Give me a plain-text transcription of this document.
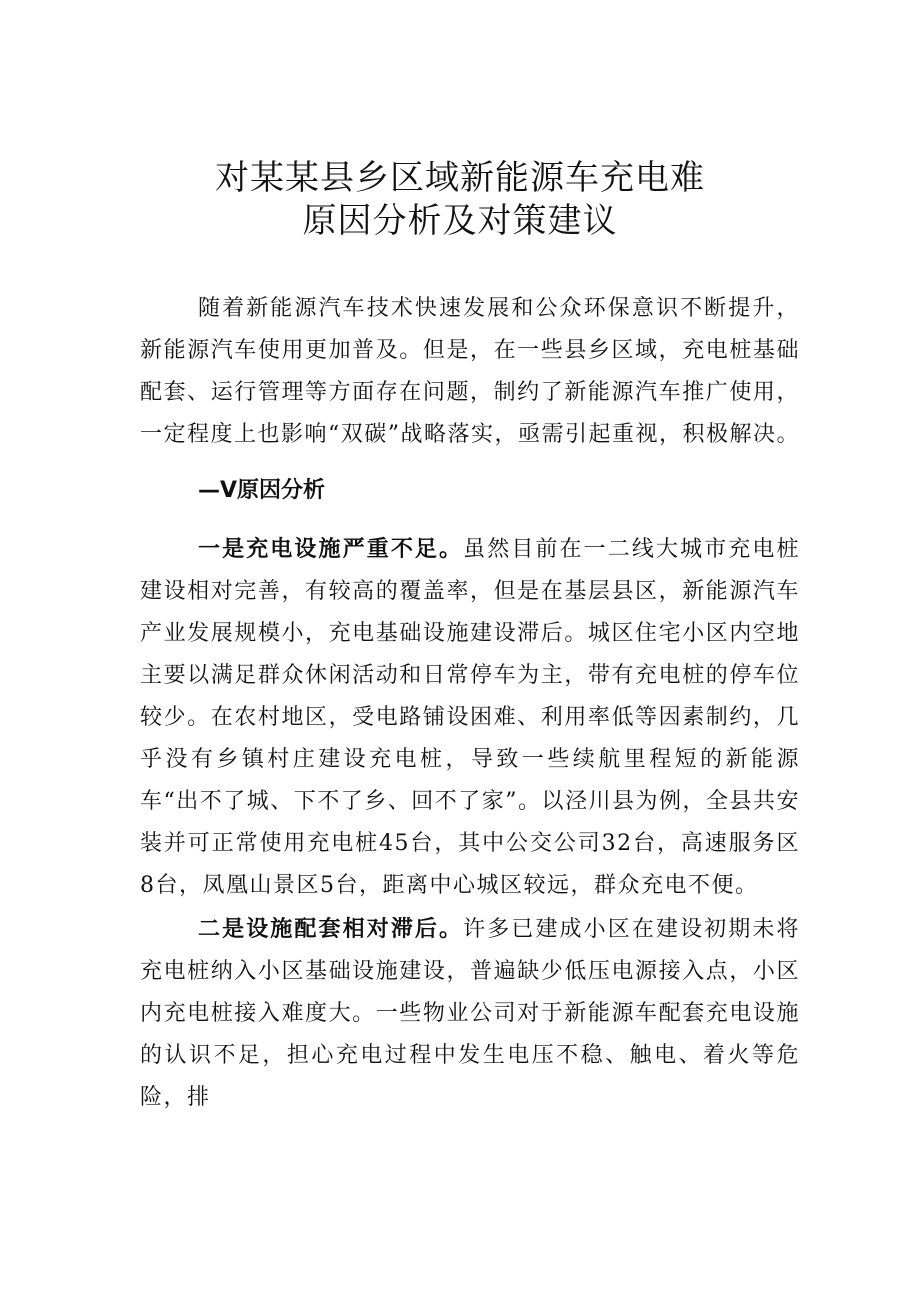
对某某县乡区域新能源车充电难
原因分析及对策建议

随着新能源汽车技术快速发展和公众环保意识不断提升，新能源汽车使用更加普及。但是，在一些县乡区域，充电桩基础配套、运行管理等方面存在问题，制约了新能源汽车推广使用，一定程度上也影响“双碳”战略落实，亟需引起重视，积极解决。

—V原因分析

一是充电设施严重不足。虽然目前在一二线大城市充电桩建设相对完善，有较高的覆盖率，但是在基层县区，新能源汽车产业发展规模小，充电基础设施建设滞后。城区住宅小区内空地主要以满足群众休闲活动和日常停车为主，带有充电桩的停车位较少。在农村地区，受电路铺设困难、利用率低等因素制约，几乎没有乡镇村庄建设充电桩，导致一些续航里程短的新能源车“出不了城、下不了乡、回不了家”。以泾川县为例，全县共安装并可正常使用充电桩45台，其中公交公司32台，高速服务区8台，凤凰山景区5台，距离中心城区较远，群众充电不便。

二是设施配套相对滞后。许多已建成小区在建设初期未将充电桩纳入小区基础设施建设，普遍缺少低压电源接入点，小区内充电桩接入难度大。一些物业公司对于新能源车配套充电设施的认识不足，担心充电过程中发生电压不稳、触电、着火等危险，排
